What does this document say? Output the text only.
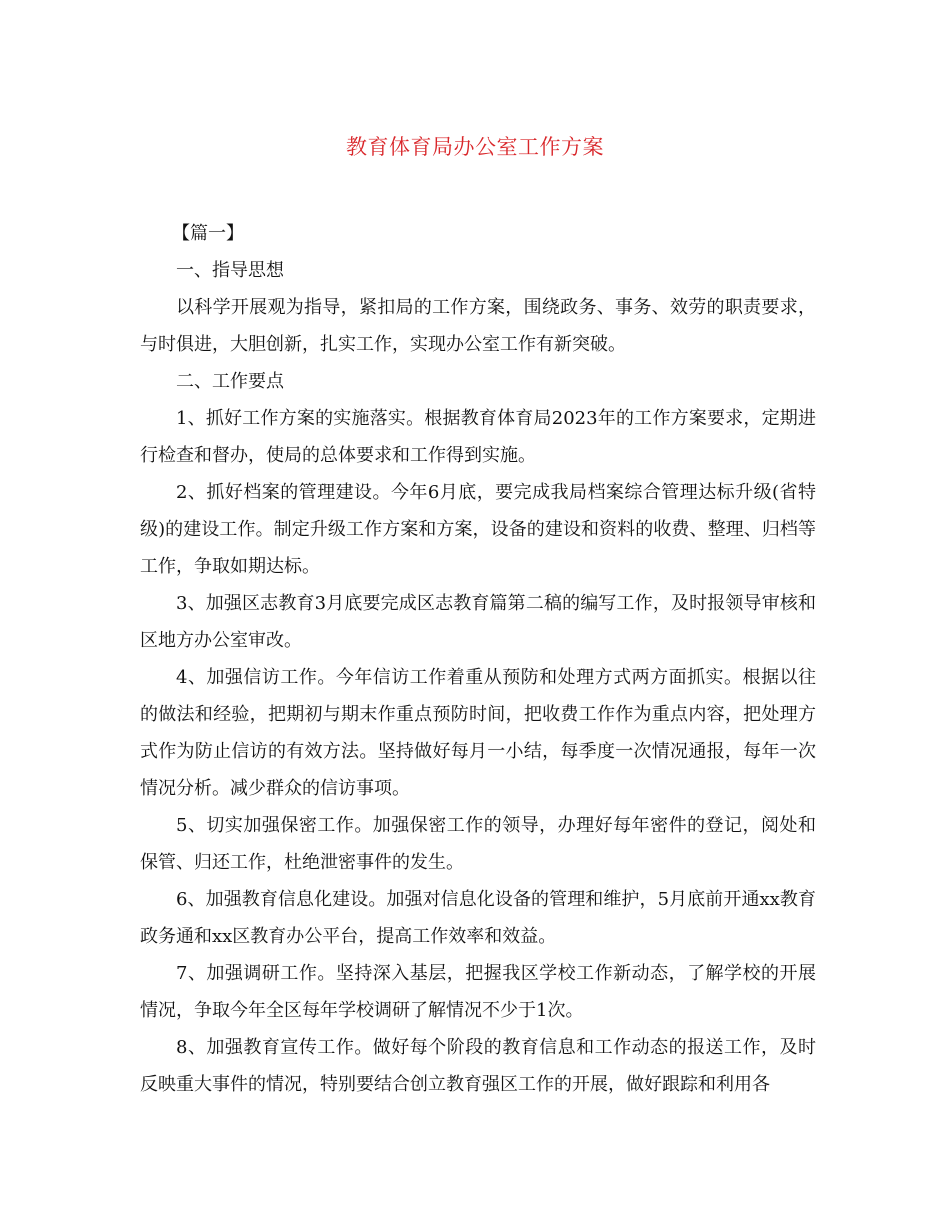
教育体育局办公室工作方案

【篇一】

一、指导思想

以科学开展观为指导，紧扣局的工作方案，围绕政务、事务、效劳的职责要求，与时俱进，大胆创新，扎实工作，实现办公室工作有新突破。

二、工作要点

1、抓好工作方案的实施落实。根据教育体育局2023年的工作方案要求，定期进行检查和督办，使局的总体要求和工作得到实施。

2、抓好档案的管理建设。今年6月底，要完成我局档案综合管理达标升级(省特级)的建设工作。制定升级工作方案和方案，设备的建设和资料的收费、整理、归档等工作，争取如期达标。

3、加强区志教育3月底要完成区志教育篇第二稿的编写工作，及时报领导审核和区地方办公室审改。

4、加强信访工作。今年信访工作着重从预防和处理方式两方面抓实。根据以往的做法和经验，把期初与期末作重点预防时间，把收费工作作为重点内容，把处理方式作为防止信访的有效方法。坚持做好每月一小结，每季度一次情况通报，每年一次情况分析。减少群众的信访事项。

5、切实加强保密工作。加强保密工作的领导，办理好每年密件的登记，阅处和保管、归还工作，杜绝泄密事件的发生。

6、加强教育信息化建设。加强对信息化设备的管理和维护，5月底前开通xx教育政务通和xx区教育办公平台，提高工作效率和效益。

7、加强调研工作。坚持深入基层，把握我区学校工作新动态，了解学校的开展情况，争取今年全区每年学校调研了解情况不少于1次。

8、加强教育宣传工作。做好每个阶段的教育信息和工作动态的报送工作，及时反映重大事件的情况，特别要结合创立教育强区工作的开展，做好跟踪和利用各
